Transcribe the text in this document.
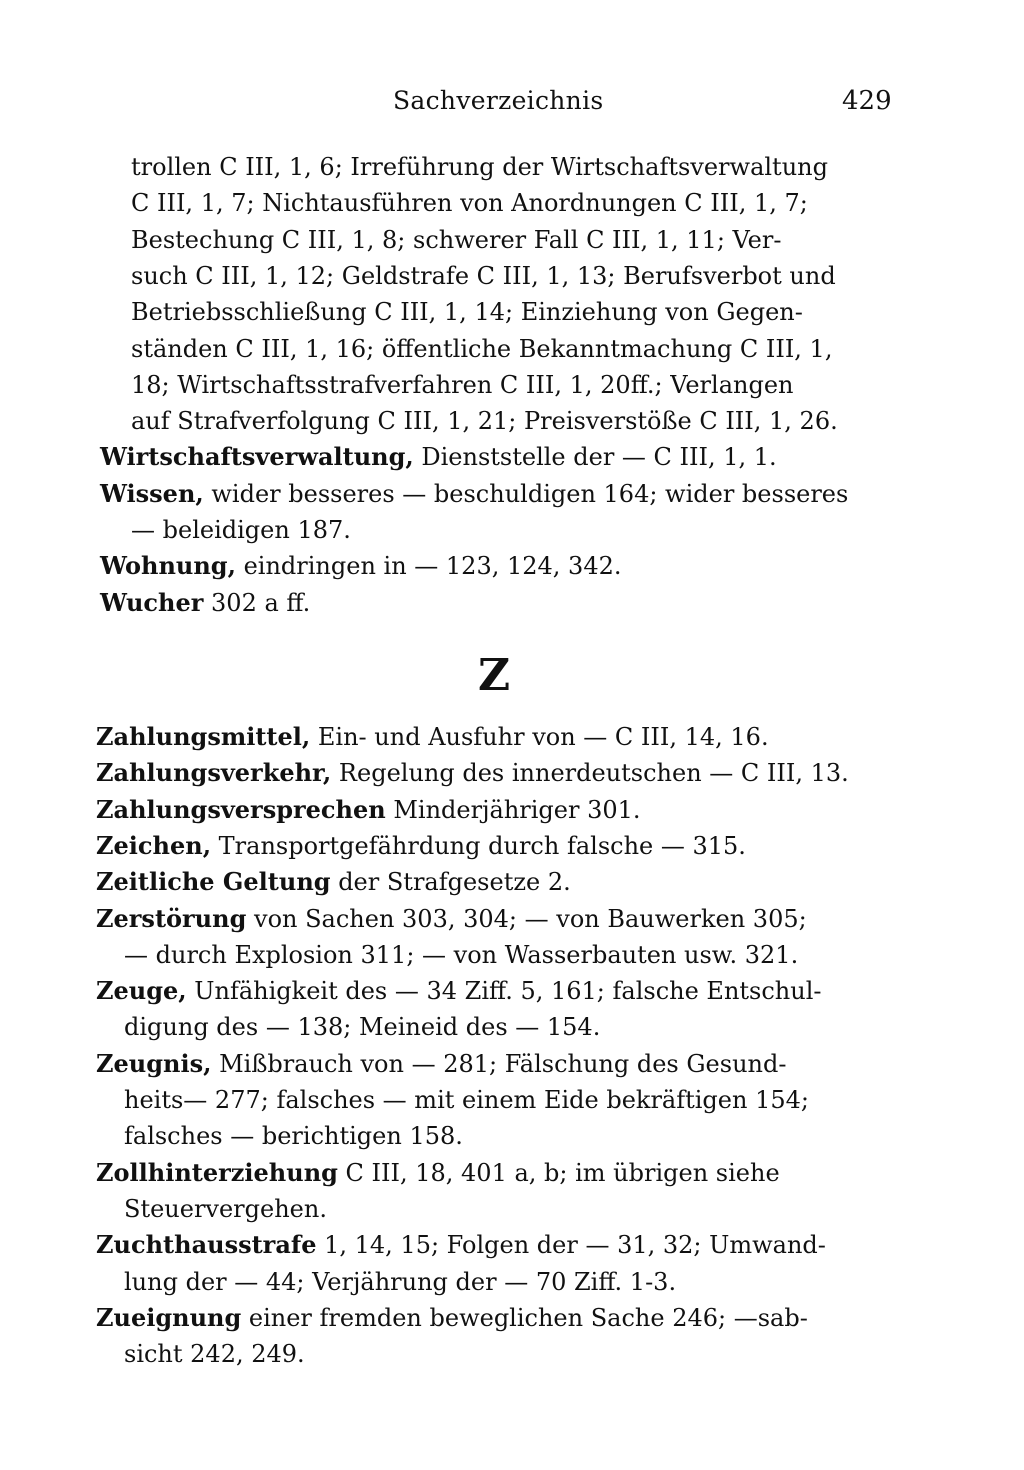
Sachverzeichnis	429
trollen C III, 1, 6; Irreführung der Wirtschaftsverwaltung
C III, 1, 7; Nichtausführen von Anordnungen C III, 1, 7;
Bestechung C III, 1, 8; schwerer Fall C III, 1, 11; Ver-
such C III, 1, 12; Geldstrafe C III, 1, 13; Berufsverbot und
Betriebsschließung C III, 1, 14; Einziehung von Gegen-
ständen C III, 1, 16; öffentliche Bekanntmachung C III, 1,
18; Wirtschaftsstrafverfahren C III, 1, 20ff.; Verlangen
auf Strafverfolgung C III, 1, 21; Preisverstöße C III, 1, 26.
Wirtschaftsverwaltung, Dienststelle der — C III, 1, 1.
Wissen, wider besseres — beschuldigen 164; wider besseres
— beleidigen 187.
Wohnung, eindringen in — 123, 124, 342.
Wucher 302 a ff.
Zahlungsmittel, Ein- und Ausfuhr von — C III, 14, 16.
Zahlungsverkehr, Regelung des innerdeutschen — C III, 13.
Zahlungsversprechen Minderjähriger 301.
Zeichen, Transportgefährdung durch falsche — 315.
Zeitliche Geltung der Strafgesetze 2.
Zerstörung von Sachen 303, 304; — von Bauwerken 305;
— durch Explosion 311; — von Wasserbauten usw. 321.
Zeuge, Unfähigkeit des — 34 Ziff. 5, 161; falsche Entschul-
digung des — 138; Meineid des — 154.
Zeugnis, Mißbrauch von — 281; Fälschung des Gesund-
heits— 277; falsches — mit einem Eide bekräftigen 154;
falsches — berichtigen 158.
Zollhinterziehung C III, 18, 401 a, b; im übrigen siehe
Steuervergehen.
Zuchthausstrafe 1, 14, 15; Folgen der — 31, 32; Umwand-
lung der — 44; Verjährung der — 70 Ziff. 1-3.
Zueignung einer fremden beweglichen Sache 246; —sab-
sicht 242, 249.
Z
